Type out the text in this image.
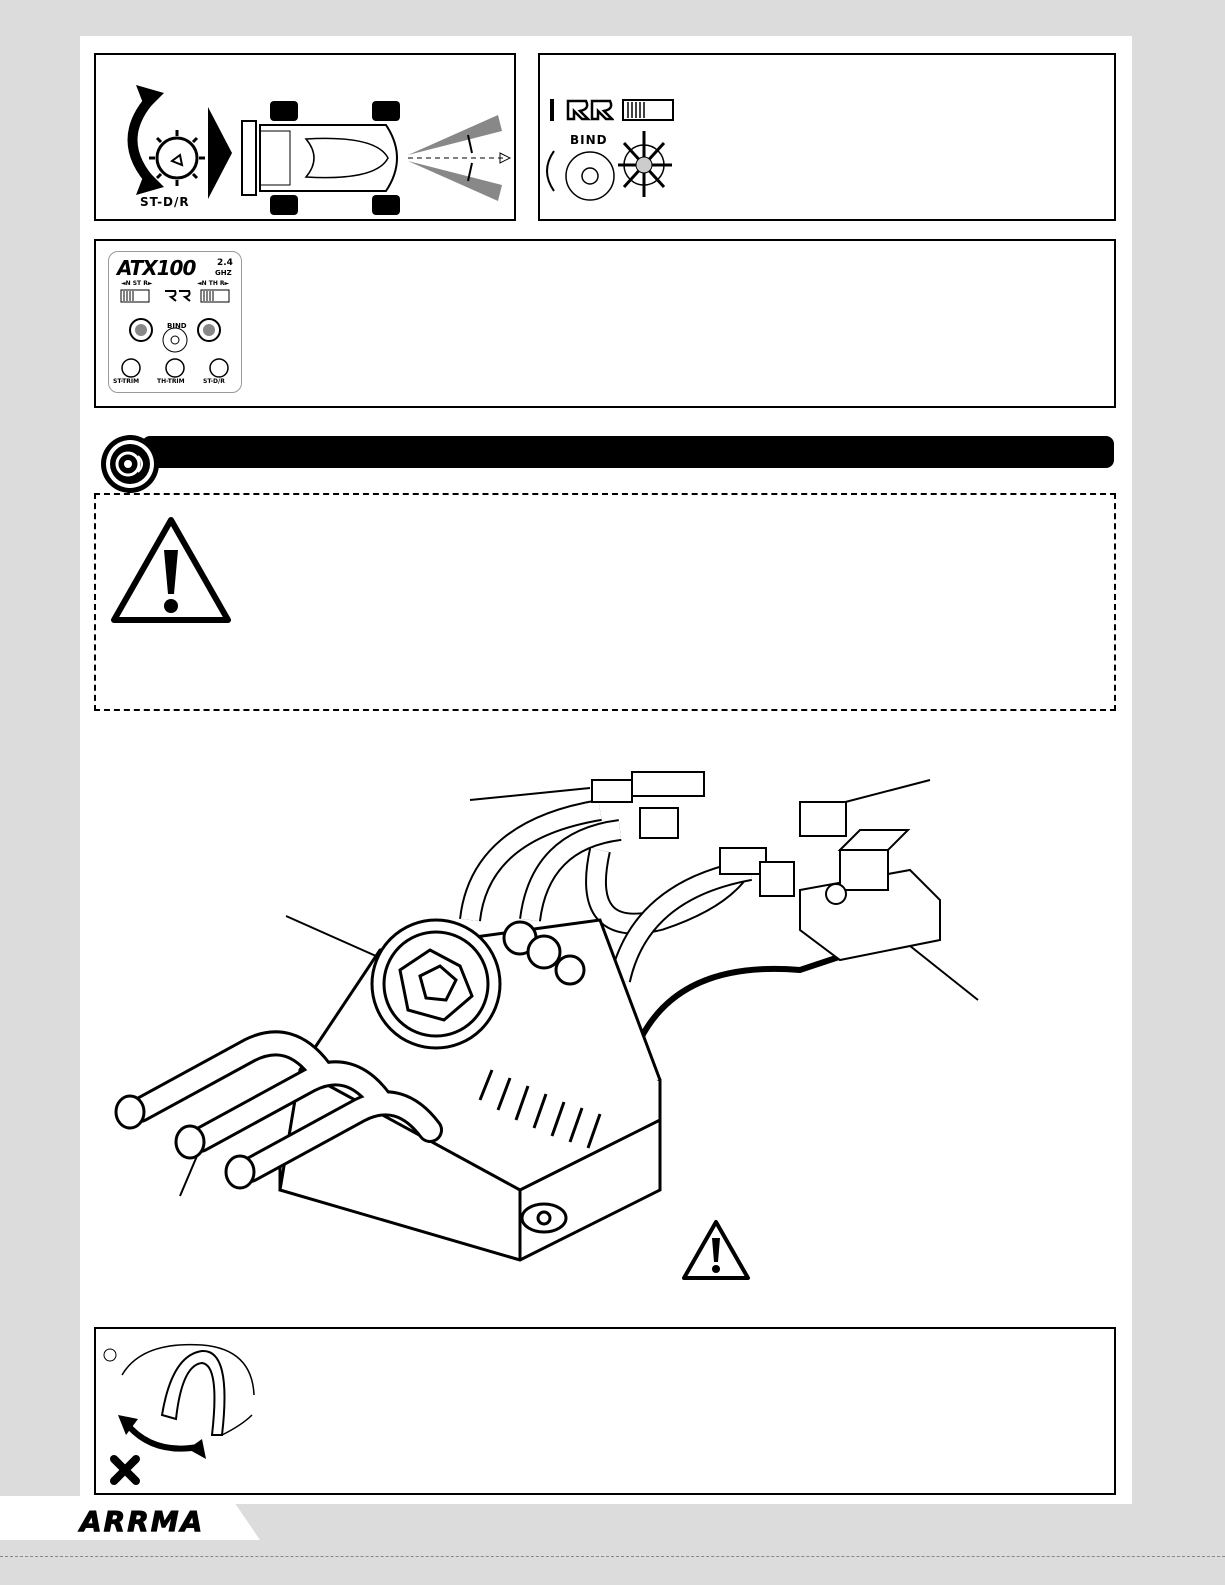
ST-D/R
BIND
ATX100 2.4
GHZ
◄N ST R►	◄N TH R►
BIND
ST-TRIM	TH-TRIM	ST-D/R
ARRMA
